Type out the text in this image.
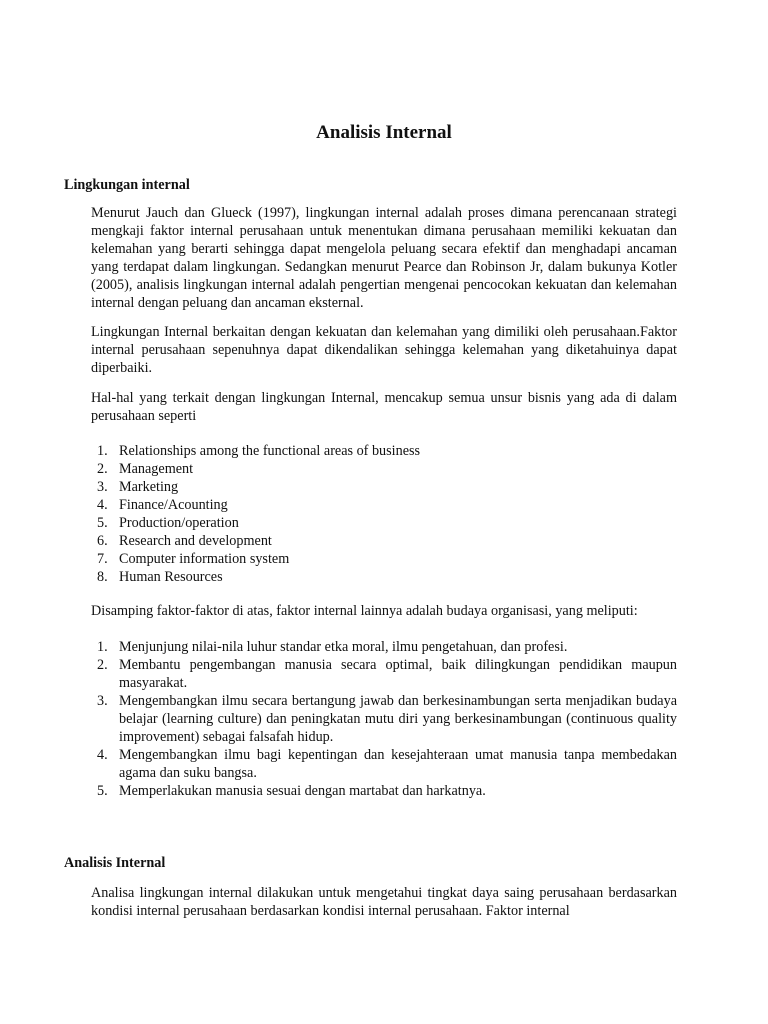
Analisis Internal
Lingkungan internal

Menurut Jauch dan Glueck (1997), lingkungan internal adalah proses dimana perencanaan strategi mengkaji faktor internal perusahaan untuk menentukan dimana perusahaan memiliki kekuatan dan kelemahan yang berarti sehingga dapat mengelola peluang secara efektif dan menghadapi ancaman yang terdapat dalam lingkungan. Sedangkan menurut Pearce dan Robinson Jr, dalam bukunya Kotler (2005), analisis lingkungan internal adalah pengertian mengenai pencocokan kekuatan dan kelemahan internal dengan peluang dan ancaman eksternal.

Lingkungan Internal berkaitan dengan kekuatan dan kelemahan yang dimiliki oleh perusahaan.Faktor internal perusahaan sepenuhnya dapat dikendalikan sehingga kelemahan yang diketahuinya dapat diperbaiki.

Hal-hal yang terkait dengan lingkungan Internal, mencakup semua unsur bisnis yang ada di dalam perusahaan seperti

1. Relationships among the functional areas of business
2. Management
3. Marketing
4. Finance/Acounting
5. Production/operation
6. Research and development
7. Computer information system
8. Human Resources

Disamping faktor-faktor di atas, faktor internal lainnya adalah budaya organisasi, yang meliputi:

1. Menjunjung nilai-nila luhur standar etka moral, ilmu pengetahuan, dan profesi.
2. Membantu pengembangan manusia secara optimal, baik dilingkungan pendidikan maupun masyarakat.
3. Mengembangkan ilmu secara bertangung jawab dan berkesinambungan serta menjadikan budaya belajar (learning culture) dan peningkatan mutu diri yang berkesinambungan (continuous quality improvement) sebagai falsafah hidup.
4. Mengembangkan ilmu bagi kepentingan dan kesejahteraan umat manusia tanpa membedakan agama dan suku bangsa.
5. Memperlakukan manusia sesuai dengan martabat dan harkatnya.
Analisis Internal

Analisa lingkungan internal dilakukan untuk mengetahui tingkat daya saing perusahaan berdasarkan kondisi internal perusahaan berdasarkan kondisi internal perusahaan. Faktor internal
